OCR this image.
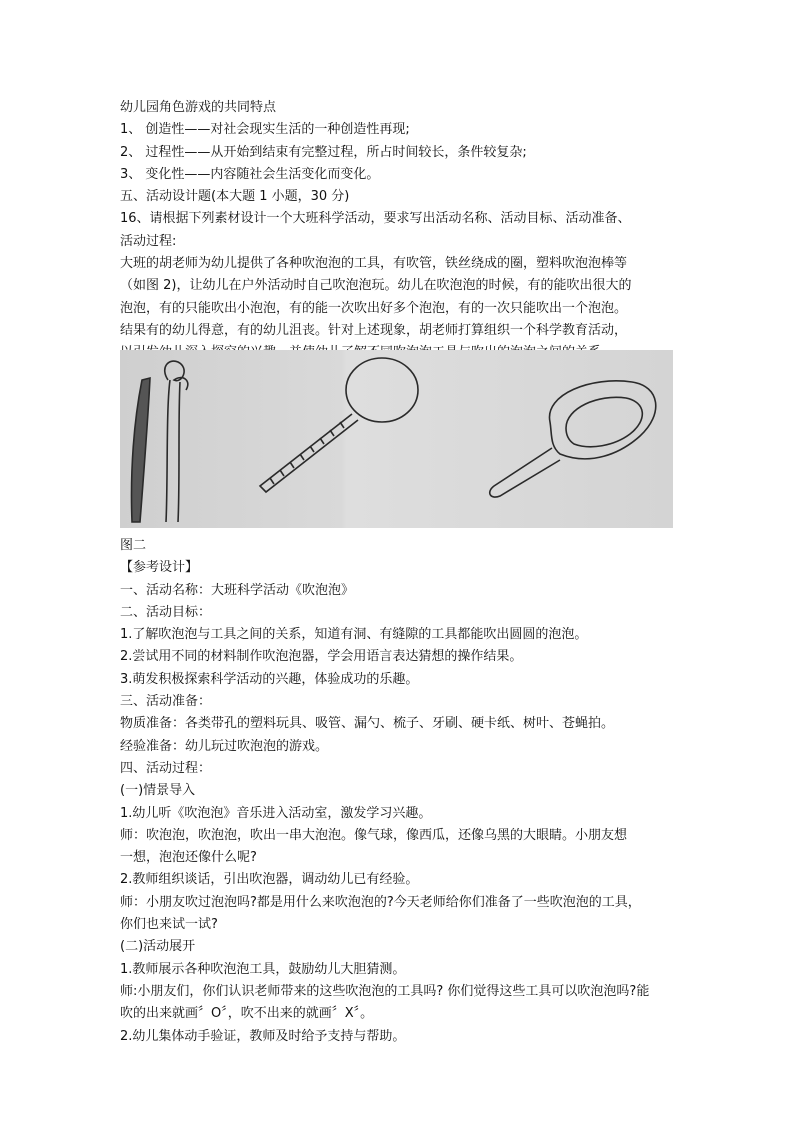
幼儿园角色游戏的共同特点

1、 创造性——对社会现实生活的一种创造性再现;

2、 过程性——从开始到结束有完整过程，所占时间较长，条件较复杂;

3、 变化性——内容随社会生活变化而变化。

五、活动设计题(本大题 1 小题，30 分)

16、请根据下列素材设计一个大班科学活动，要求写出活动名称、活动目标、活动准备、

活动过程:

大班的胡老师为幼儿提供了各种吹泡泡的工具，有吹管，铁丝绕成的圈，塑料吹泡泡棒等

（如图 2)，让幼儿在户外活动时自己吹泡泡玩。幼儿在吹泡泡的时候，有的能吹出很大的

泡泡，有的只能吹出小泡泡，有的能一次吹出好多个泡泡，有的一次只能吹出一个泡泡。

结果有的幼儿得意，有的幼儿沮丧。针对上述现象，胡老师打算组织一个科学教育活动，

图二

【参考设计】

一、活动名称：大班科学活动《吹泡泡》

二、活动目标：

1.了解吹泡泡与工具之间的关系，知道有洞、有缝隙的工具都能吹出圆圆的泡泡。

2.尝试用不同的材料制作吹泡泡器，学会用语言表达猜想的操作结果。

3.萌发积极探索科学活动的兴趣，体验成功的乐趣。

三、活动准备：

物质准备：各类带孔的塑料玩具、吸管、漏勺、梳子、牙刷、硬卡纸、树叶、苍蝇拍。

经验准备：幼儿玩过吹泡泡的游戏。

四、活动过程：

(一)情景导入

1.幼儿听《吹泡泡》音乐进入活动室，激发学习兴趣。

师：吹泡泡，吹泡泡，吹出一串大泡泡。像气球，像西瓜，还像乌黑的大眼睛。小朋友想

一想，泡泡还像什么呢?

2.教师组织谈话，引出吹泡器，调动幼儿已有经验。

师：小朋友吹过泡泡吗?都是用什么来吹泡泡的?今天老师给你们准备了一些吹泡泡的工具，

你们也来试一试?

(二)活动展开

1.教师展示各种吹泡泡工具，鼓励幼儿大胆猜测。

师:小朋友们，你们认识老师带来的这些吹泡泡的工具吗? 你们觉得这些工具可以吹泡泡吗?能

吹的出来就画〞O〞，吹不出来的就画〞X〞。

2.幼儿集体动手验证，教师及时给予支持与帮助。
